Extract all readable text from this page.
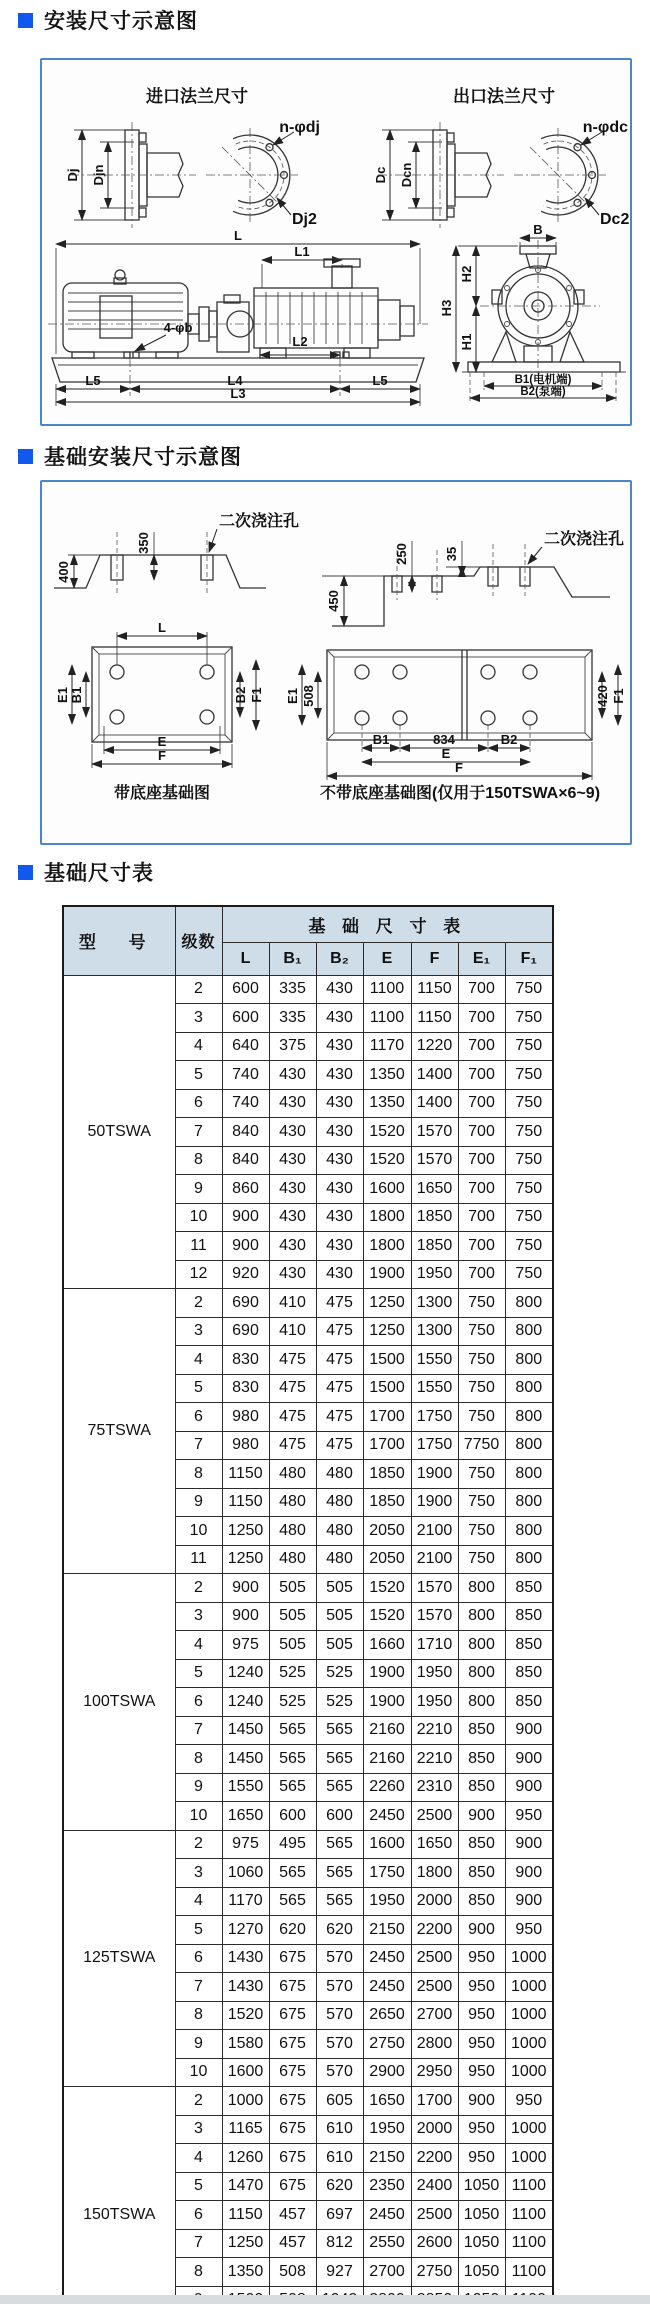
安装尺寸示意图
进口法兰尺寸	出口法兰尺寸
Dj Djn
n-φdj
Dj2
Dc Dcn
n-φdc
Dc2
L
L1
4-φb
L2
L5	L4	L5
L3
B
H3
H2
H1
B1(电机端)
B2(泵端)
基础安装尺寸示意图
400
350
二次浇注孔
450
250	35
二次浇注孔
L
E1 B1	B2 F1
E
F
带底座基础图
E1 508	420 F1
B1	834	B2
E
F
不带底座基础图(仅用于150TSWA×6~9)
基础尺寸表
型 号	级数	基 础 尺 寸 表						
		L	B₁	B₂	E	F	E₁	F₁
50TSWA	2	600	335	430	1100	1150	700	750
	3	600	335	430	1100	1150	700	750
	4	640	375	430	1170	1220	700	750
	5	740	430	430	1350	1400	700	750
	6	740	430	430	1350	1400	700	750
	7	840	430	430	1520	1570	700	750
	8	840	430	430	1520	1570	700	750
	9	860	430	430	1600	1650	700	750
	10	900	430	430	1800	1850	700	750
	11	900	430	430	1800	1850	700	750
	12	920	430	430	1900	1950	700	750
75TSWA	2	690	410	475	1250	1300	750	800
	3	690	410	475	1250	1300	750	800
	4	830	475	475	1500	1550	750	800
	5	830	475	475	1500	1550	750	800
	6	980	475	475	1700	1750	750	800
	7	980	475	475	1700	1750	7750	800
	8	1150	480	480	1850	1900	750	800
	9	1150	480	480	1850	1900	750	800
	10	1250	480	480	2050	2100	750	800
	11	1250	480	480	2050	2100	750	800
100TSWA	2	900	505	505	1520	1570	800	850
	3	900	505	505	1520	1570	800	850
	4	975	505	505	1660	1710	800	850
	5	1240	525	525	1900	1950	800	850
	6	1240	525	525	1900	1950	800	850
	7	1450	565	565	2160	2210	850	900
	8	1450	565	565	2160	2210	850	900
	9	1550	565	565	2260	2310	850	900
	10	1650	600	600	2450	2500	900	950
125TSWA	2	975	495	565	1600	1650	850	900
	3	1060	565	565	1750	1800	850	900
	4	1170	565	565	1950	2000	850	900
	5	1270	620	620	2150	2200	900	950
	6	1430	675	570	2450	2500	950	1000
	7	1430	675	570	2450	2500	950	1000
	8	1520	675	570	2650	2700	950	1000
	9	1580	675	570	2750	2800	950	1000
	10	1600	675	570	2900	2950	950	1000
150TSWA	2	1000	675	605	1650	1700	900	950
	3	1165	675	610	1950	2000	950	1000
	4	1260	675	610	2150	2200	950	1000
	5	1470	675	620	2350	2400	1050	1100
	6	1150	457	697	2450	2500	1050	1100
	7	1250	457	812	2550	2600	1050	1100
	8	1350	508	927	2700	2750	1050	1100
